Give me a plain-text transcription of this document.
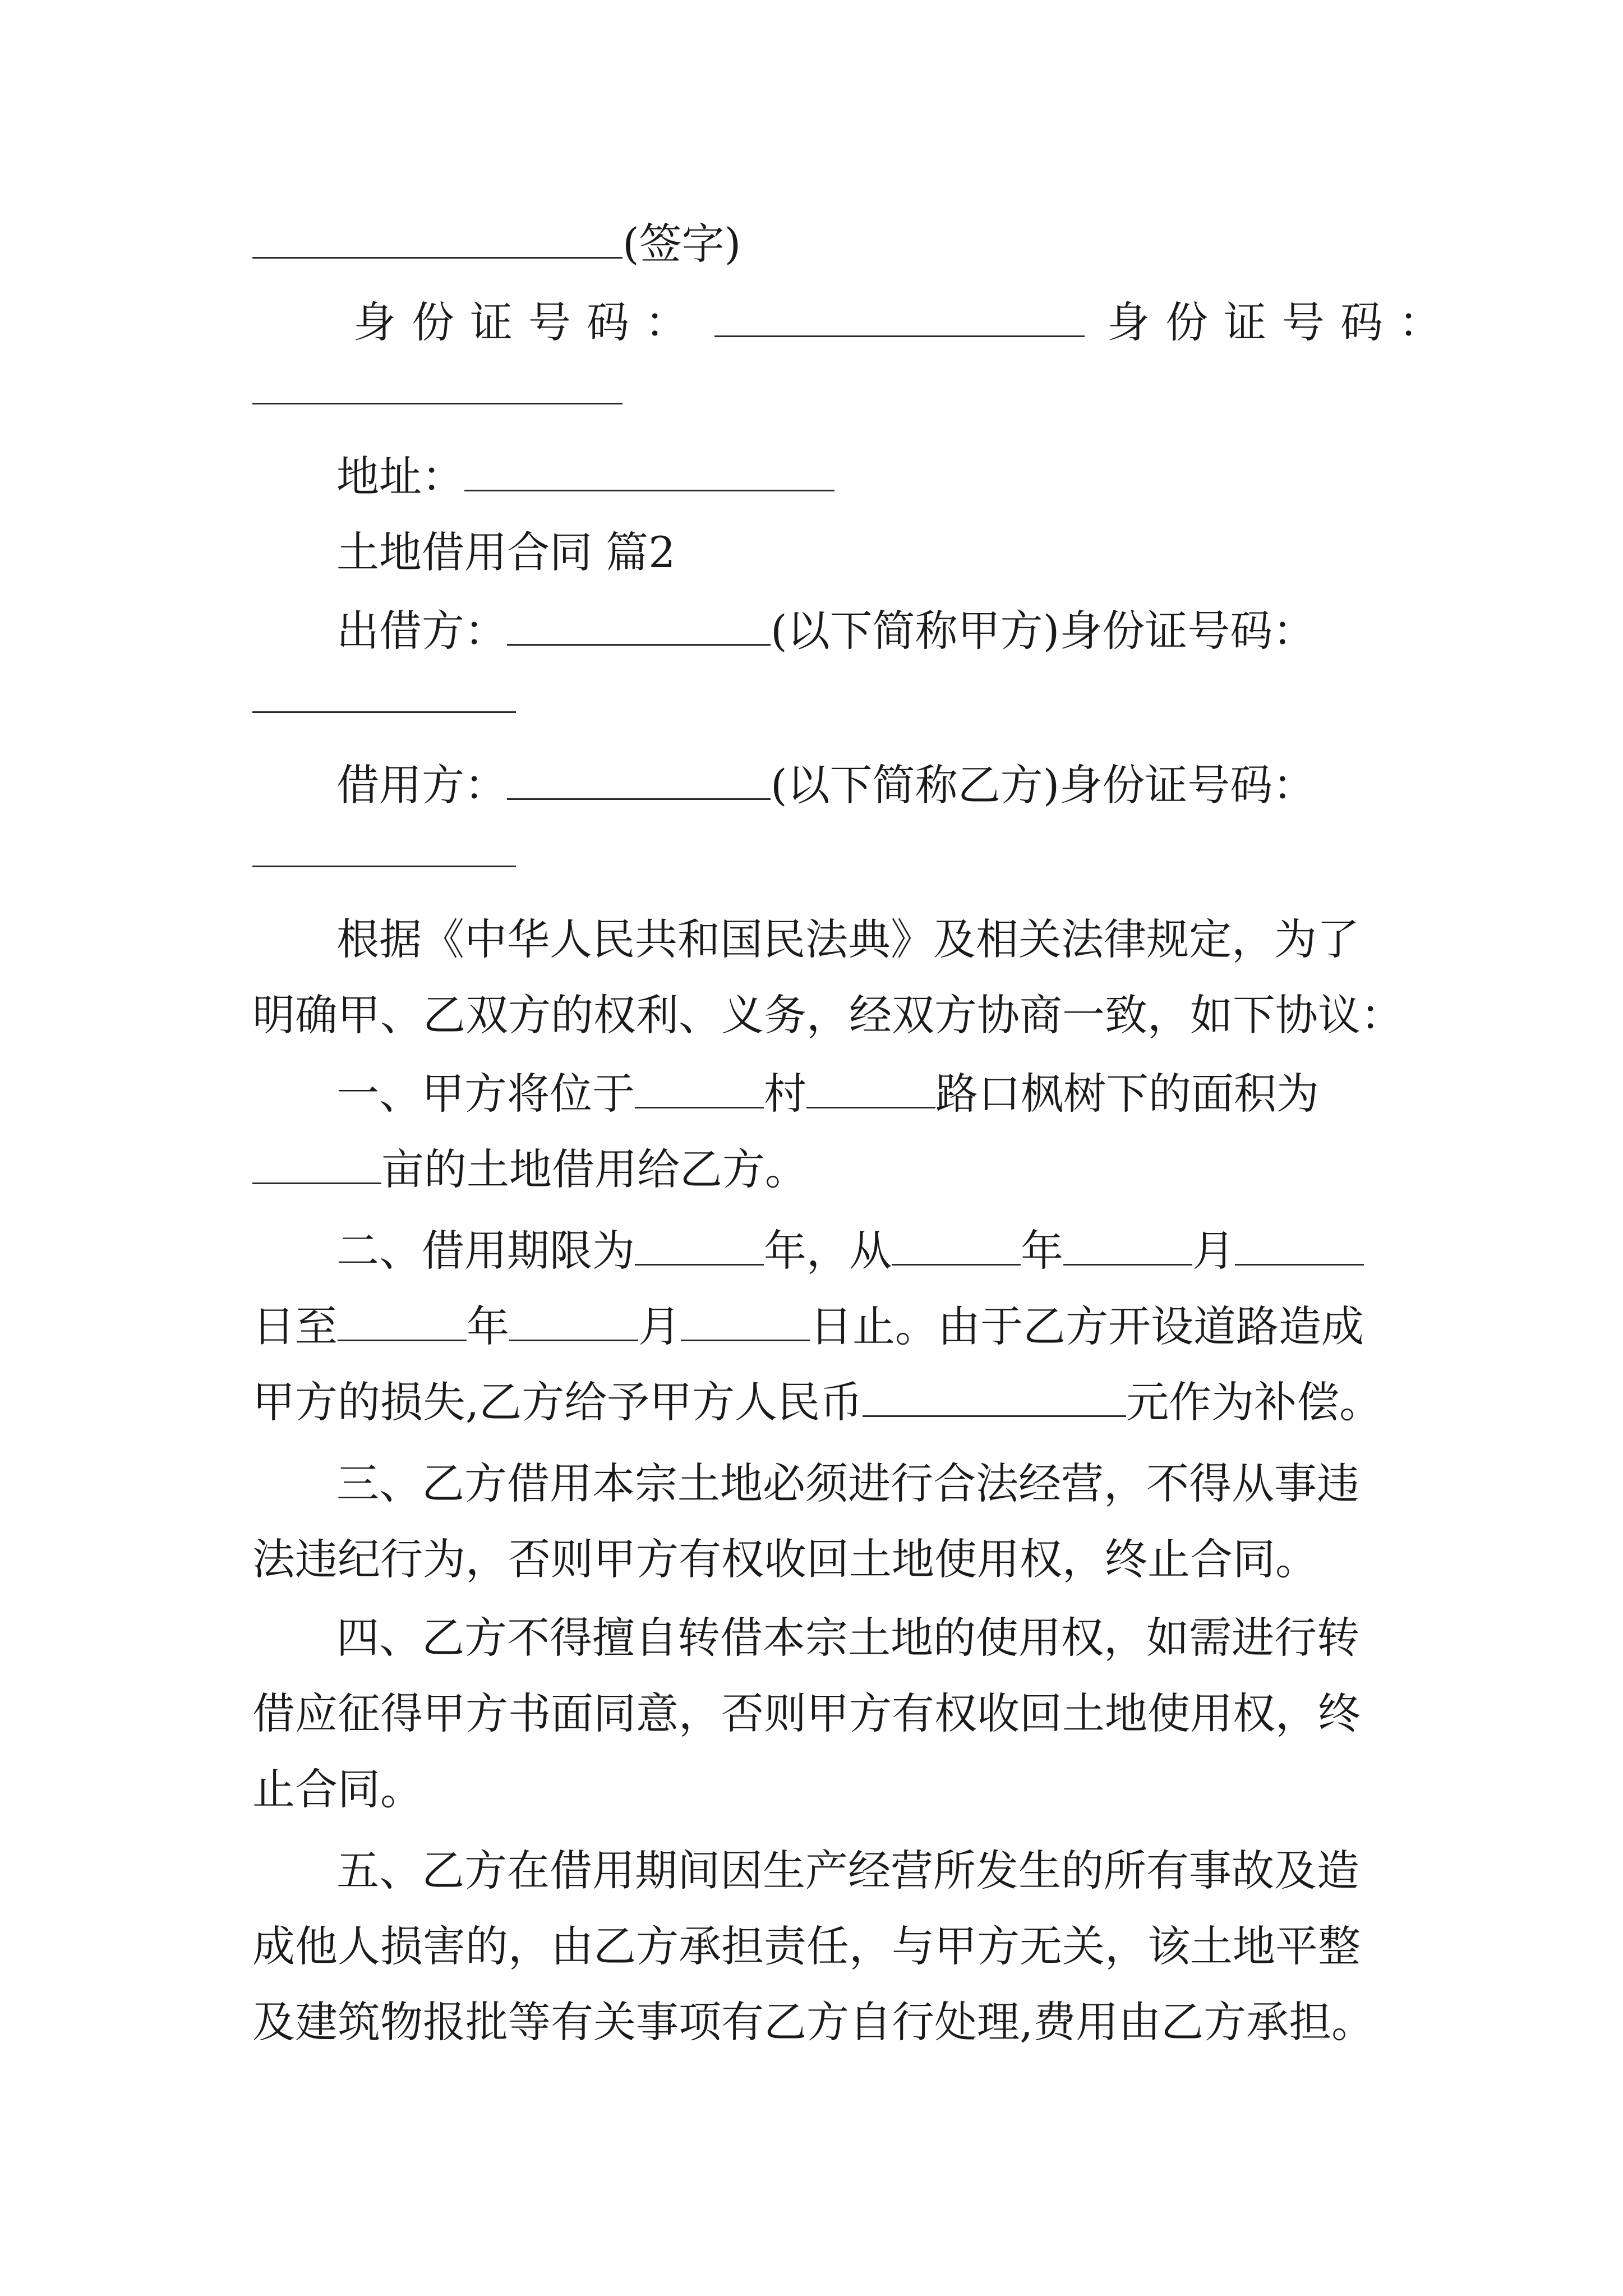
(签字)
身份证号码：	身份证号码：
地址：
土地借用合同 篇2
出借方：	(以下简称甲方)身份证号码：
借用方：	(以下简称乙方)身份证号码：
根据《中华人民共和国民法典》及相关法律规定，为了
明确甲、乙双方的权利、义务，经双方协商一致，如下协议：
一、甲方将位于	村	路口枫树下的面积为
亩的土地借用给乙方。
二、借用期限为	年，从	年	月
日至	年	月	日止。由于乙方开设道路造成
甲方的损失,乙方给予甲方人民币	元作为补偿。
三、乙方借用本宗土地必须进行合法经营，不得从事违
法违纪行为，否则甲方有权收回土地使用权，终止合同。
四、乙方不得擅自转借本宗土地的使用权，如需进行转
借应征得甲方书面同意，否则甲方有权收回土地使用权，终
止合同。
五、乙方在借用期间因生产经营所发生的所有事故及造
成他人损害的，由乙方承担责任，与甲方无关，该土地平整
及建筑物报批等有关事项有乙方自行处理,费用由乙方承担。
